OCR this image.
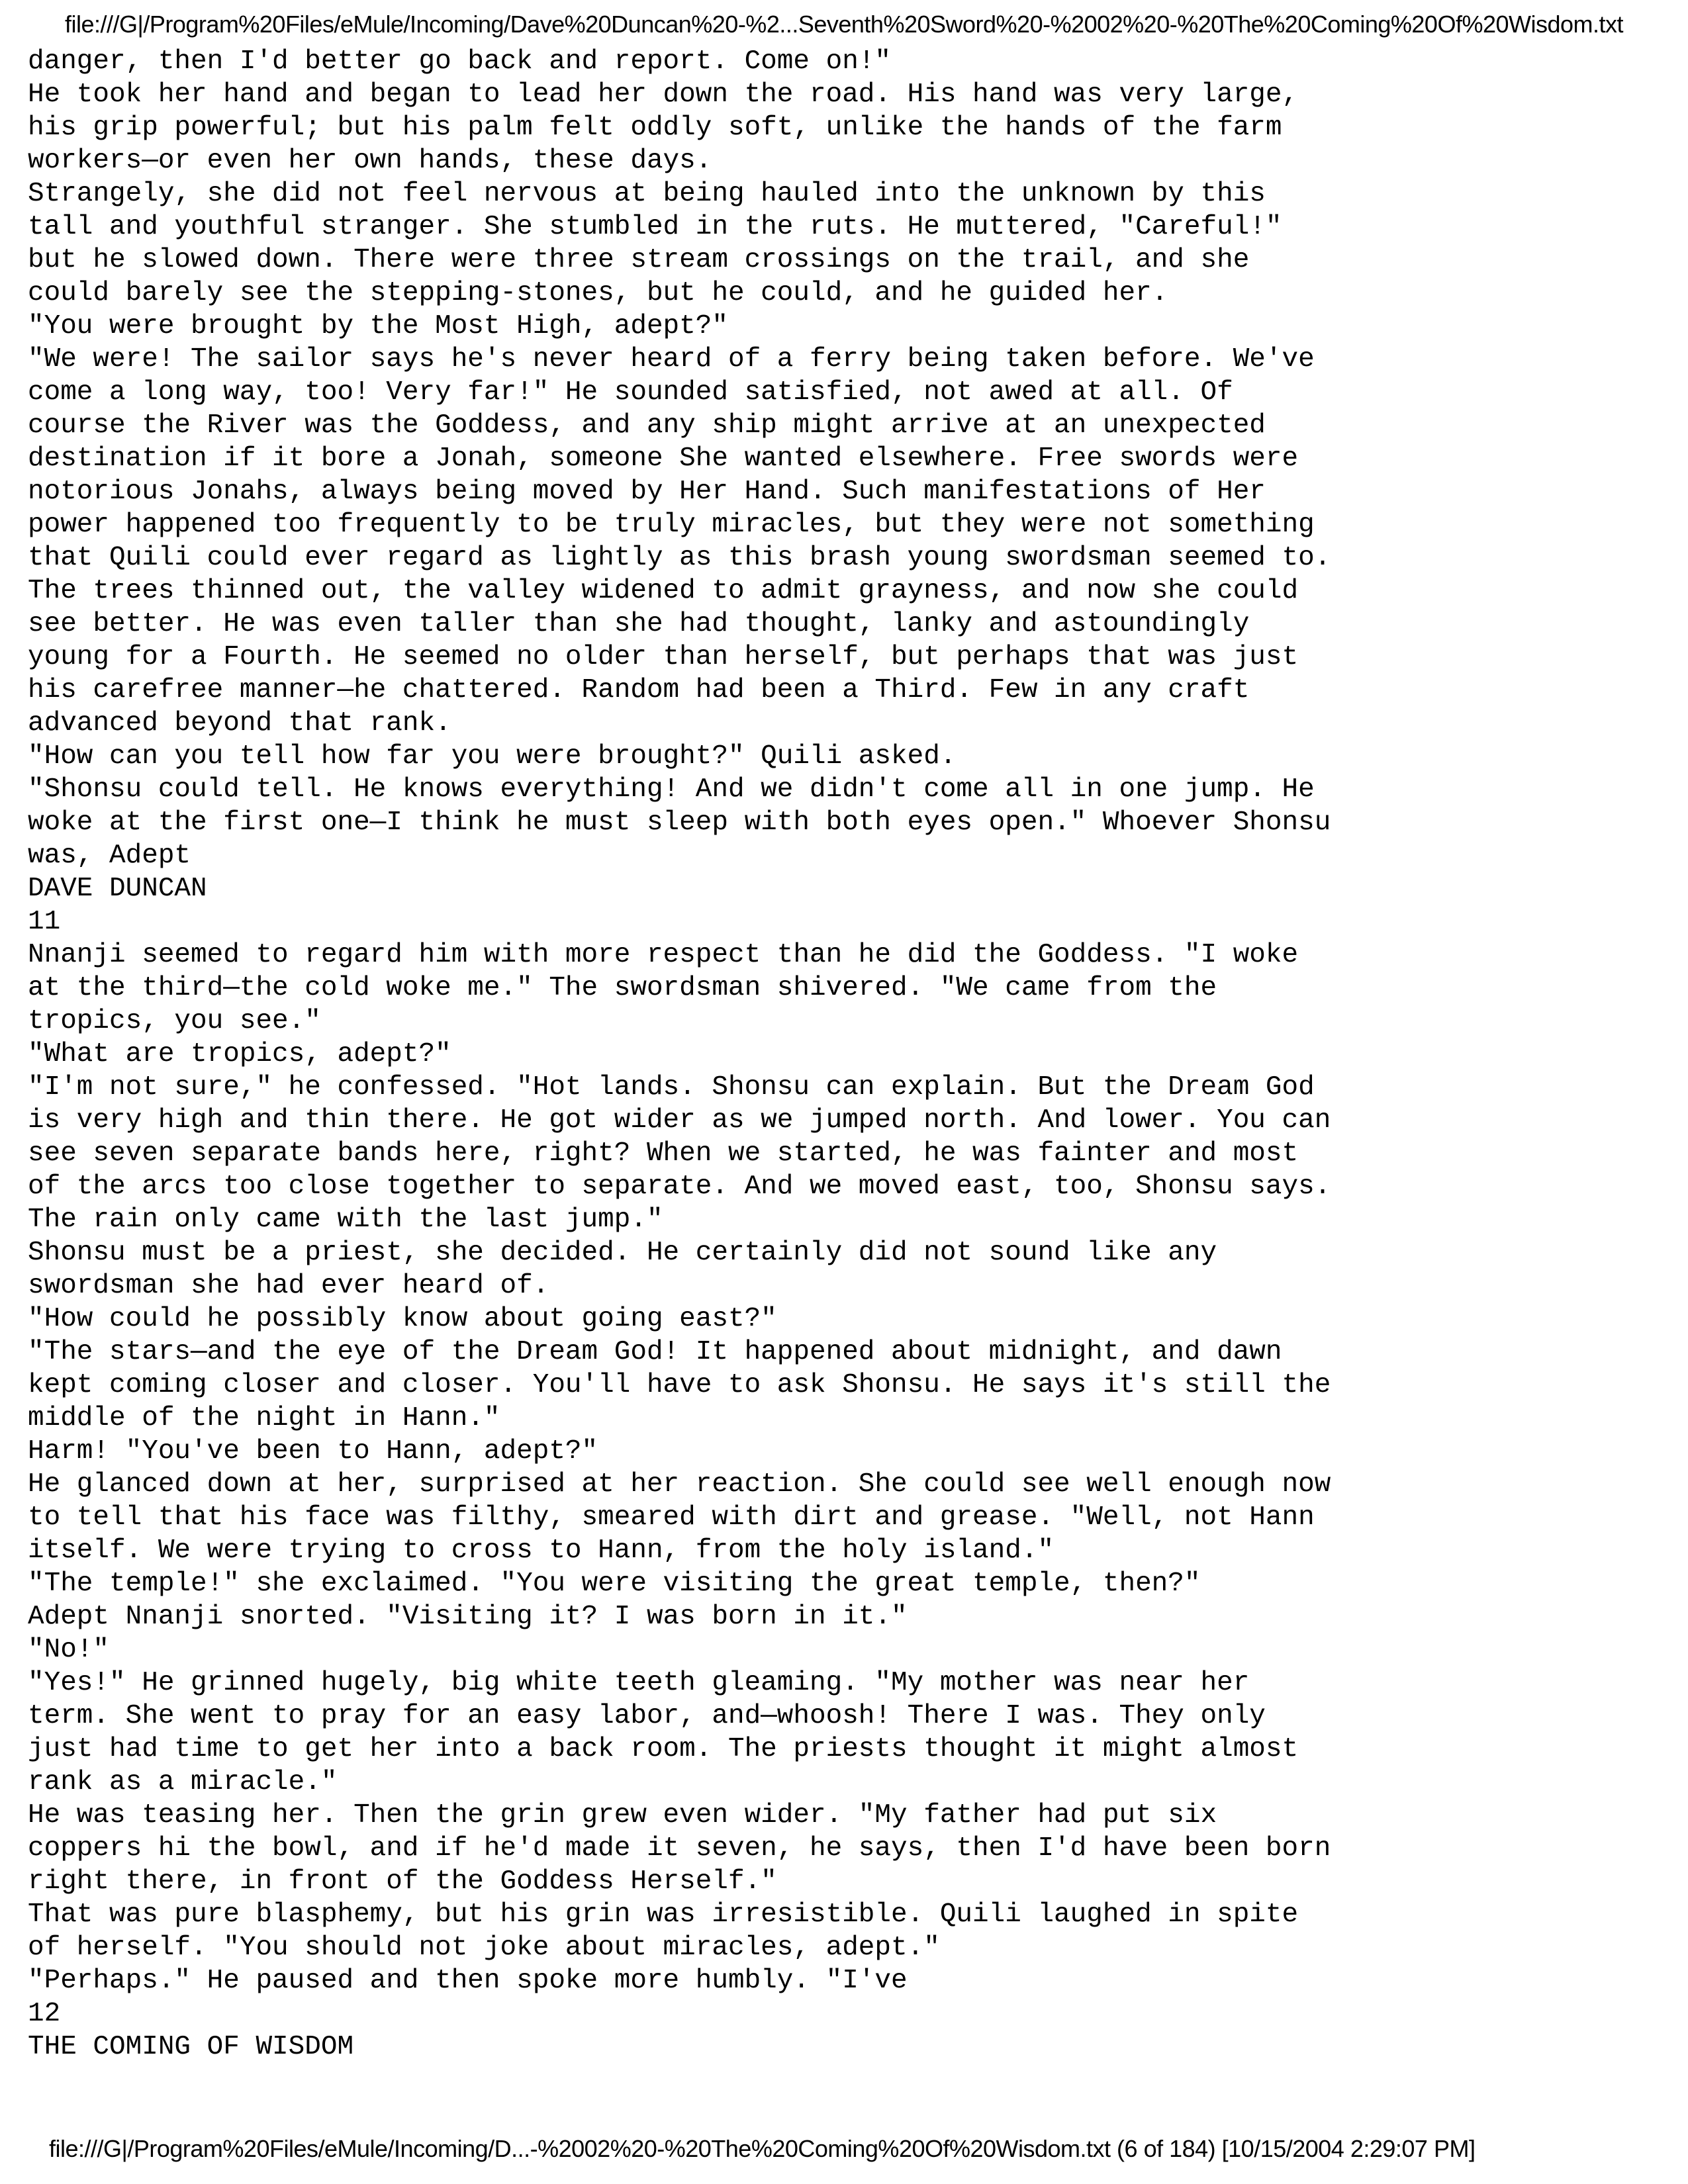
file:///G|/Program%20Files/eMule/Incoming/Dave%20Duncan%20-%2...Seventh%20Sword%20-%2002%20-%20The%20Coming%20Of%20Wisdom.txt
danger, then I'd better go back and report. Come on!"
He took her hand and began to lead her down the road. His hand was very large,
his grip powerful; but his palm felt oddly soft, unlike the hands of the farm
workers—or even her own hands, these days.
Strangely, she did not feel nervous at being hauled into the unknown by this
tall and youthful stranger. She stumbled in the ruts. He muttered, "Careful!"
but he slowed down. There were three stream crossings on the trail, and she
could barely see the stepping-stones, but he could, and he guided her.
"You were brought by the Most High, adept?"
"We were! The sailor says he's never heard of a ferry being taken before. We've
come a long way, too! Very far!" He sounded satisfied, not awed at all. Of
course the River was the Goddess, and any ship might arrive at an unexpected
destination if it bore a Jonah, someone She wanted elsewhere. Free swords were
notorious Jonahs, always being moved by Her Hand. Such manifestations of Her
power happened too frequently to be truly miracles, but they were not something
that Quili could ever regard as lightly as this brash young swordsman seemed to.
The trees thinned out, the valley widened to admit grayness, and now she could
see better. He was even taller than she had thought, lanky and astoundingly
young for a Fourth. He seemed no older than herself, but perhaps that was just
his carefree manner—he chattered. Random had been a Third. Few in any craft
advanced beyond that rank.
"How can you tell how far you were brought?" Quili asked.
"Shonsu could tell. He knows everything! And we didn't come all in one jump. He
woke at the first one—I think he must sleep with both eyes open." Whoever Shonsu
was, Adept
DAVE DUNCAN
11
Nnanji seemed to regard him with more respect than he did the Goddess. "I woke
at the third—the cold woke me." The swordsman shivered. "We came from the
tropics, you see."
"What are tropics, adept?"
"I'm not sure," he confessed. "Hot lands. Shonsu can explain. But the Dream God
is very high and thin there. He got wider as we jumped north. And lower. You can
see seven separate bands here, right? When we started, he was fainter and most
of the arcs too close together to separate. And we moved east, too, Shonsu says.
The rain only came with the last jump."
Shonsu must be a priest, she decided. He certainly did not sound like any
swordsman she had ever heard of.
"How could he possibly know about going east?"
"The stars—and the eye of the Dream God! It happened about midnight, and dawn
kept coming closer and closer. You'll have to ask Shonsu. He says it's still the
middle of the night in Hann."
Harm! "You've been to Hann, adept?"
He glanced down at her, surprised at her reaction. She could see well enough now
to tell that his face was filthy, smeared with dirt and grease. "Well, not Hann
itself. We were trying to cross to Hann, from the holy island."
"The temple!" she exclaimed. "You were visiting the great temple, then?"
Adept Nnanji snorted. "Visiting it? I was born in it."
"No!"
"Yes!" He grinned hugely, big white teeth gleaming. "My mother was near her
term. She went to pray for an easy labor, and—whoosh! There I was. They only
just had time to get her into a back room. The priests thought it might almost
rank as a miracle."
He was teasing her. Then the grin grew even wider. "My father had put six
coppers hi the bowl, and if he'd made it seven, he says, then I'd have been born
right there, in front of the Goddess Herself."
That was pure blasphemy, but his grin was irresistible. Quili laughed in spite
of herself. "You should not joke about miracles, adept."
"Perhaps." He paused and then spoke more humbly. "I've
12
THE COMING OF WISDOM
file:///G|/Program%20Files/eMule/Incoming/D...-%2002%20-%20The%20Coming%20Of%20Wisdom.txt (6 of 184) [10/15/2004 2:29:07 PM]
